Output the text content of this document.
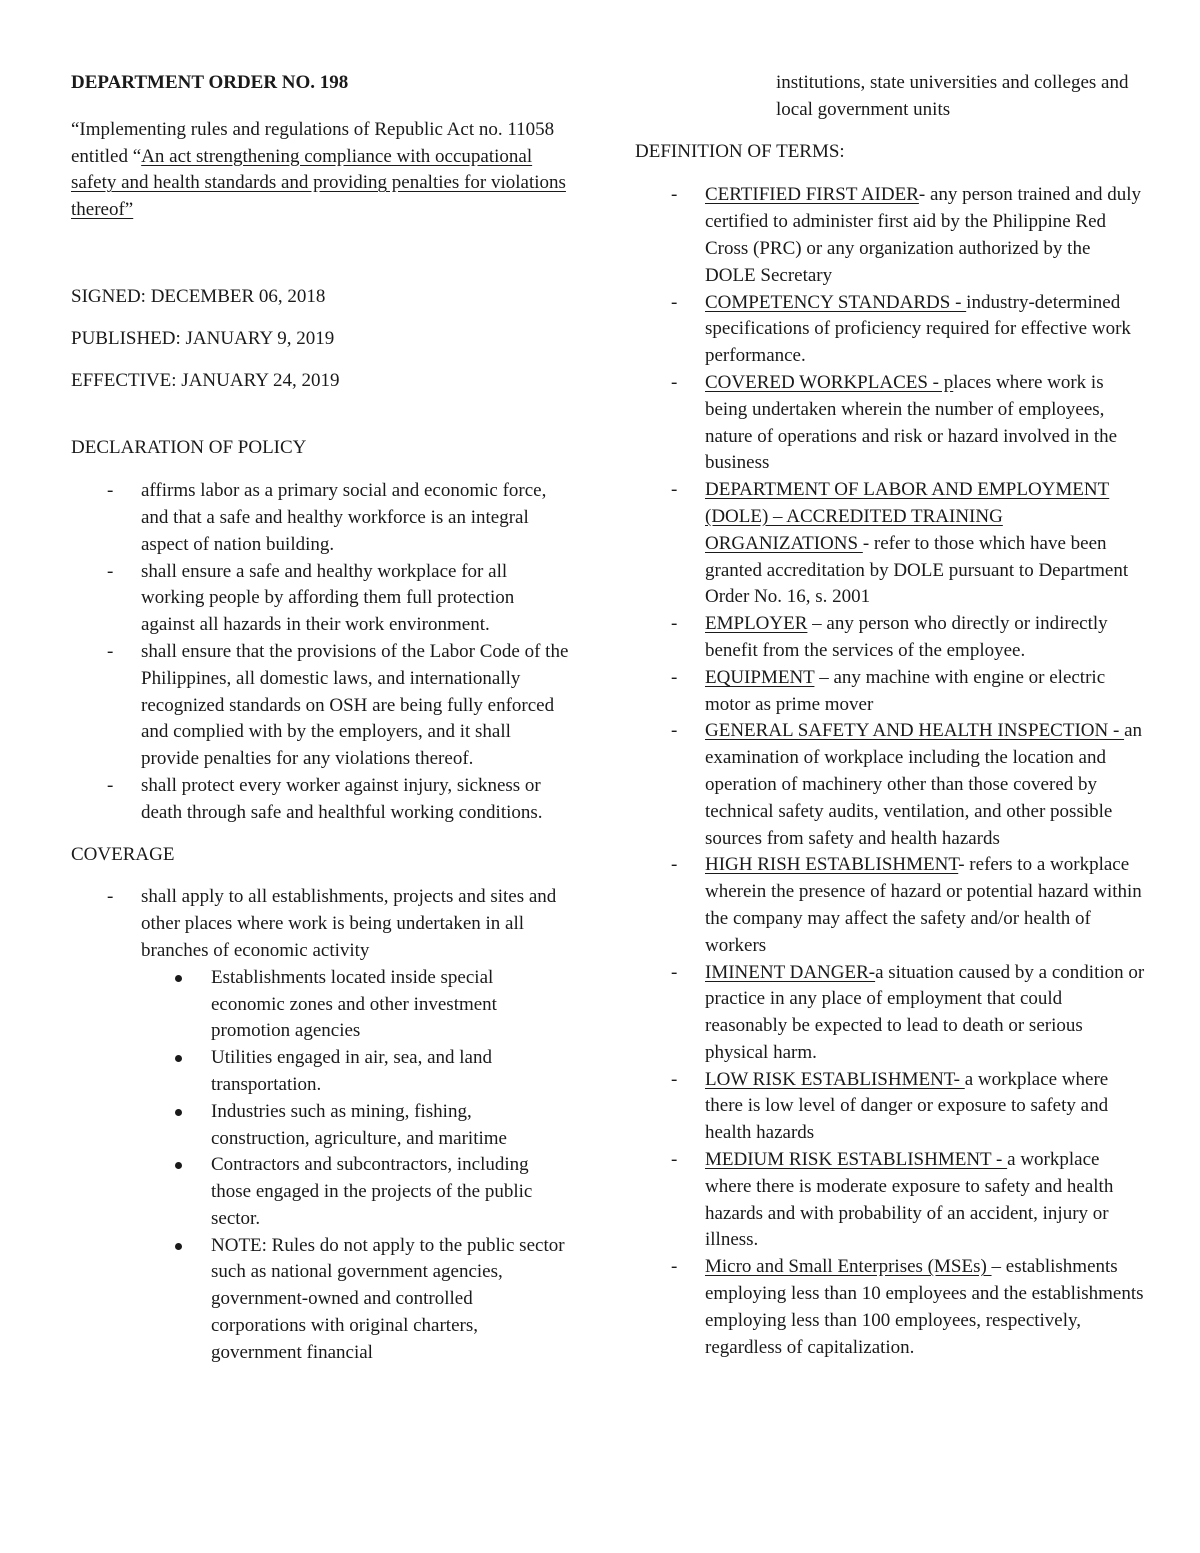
DEPARTMENT ORDER NO. 198

“Implementing rules and regulations of Republic Act no. 11058 entitled “An act strengthening compliance with occupational safety and health standards and providing penalties for violations thereof”

SIGNED: DECEMBER 06, 2018

PUBLISHED: JANUARY 9, 2019

EFFECTIVE: JANUARY 24, 2019

DECLARATION OF POLICY

- affirms labor as a primary social and economic force, and that a safe and healthy workforce is an integral aspect of nation building.
- shall ensure a safe and healthy workplace for all working people by affording them full protection against all hazards in their work environment.
- shall ensure that the provisions of the Labor Code of the Philippines, all domestic laws, and internationally recognized standards on OSH are being fully enforced and complied with by the employers, and it shall provide penalties for any violations thereof.
- shall protect every worker against injury, sickness or death through safe and healthful working conditions.

COVERAGE

- shall apply to all establishments, projects and sites and other places where work is being undertaken in all branches of economic activity
Establishments located inside special economic zones and other investment promotion agencies
Utilities engaged in air, sea, and land transportation.
Industries such as mining, fishing, construction, agriculture, and maritime
Contractors and subcontractors, including those engaged in the projects of the public sector.
NOTE: Rules do not apply to the public sector such as national government agencies, government-owned and controlled corporations with original charters, government financial

institutions, state universities and colleges and local government units

DEFINITION OF TERMS:

- CERTIFIED FIRST AIDER- any person trained and duly certified to administer first aid by the Philippine Red Cross (PRC) or any organization authorized by the DOLE Secretary
- COMPETENCY STANDARDS - industry-determined specifications of proficiency required for effective work performance.
- COVERED WORKPLACES - places where work is being undertaken wherein the number of employees, nature of operations and risk or hazard involved in the business
- DEPARTMENT OF LABOR AND EMPLOYMENT (DOLE) – ACCREDITED TRAINING ORGANIZATIONS - refer to those which have been granted accreditation by DOLE pursuant to Department Order No. 16, s. 2001
- EMPLOYER – any person who directly or indirectly benefit from the services of the employee.
- EQUIPMENT – any machine with engine or electric motor as prime mover
- GENERAL SAFETY AND HEALTH INSPECTION - an examination of workplace including the location and operation of machinery other than those covered by technical safety audits, ventilation, and other possible sources from safety and health hazards
- HIGH RISH ESTABLISHMENT- refers to a workplace wherein the presence of hazard or potential hazard within the company may affect the safety and/or health of workers
- IMINENT DANGER-a situation caused by a condition or practice in any place of employment that could reasonably be expected to lead to death or serious physical harm.
- LOW RISK ESTABLISHMENT- a workplace where there is low level of danger or exposure to safety and health hazards
- MEDIUM RISK ESTABLISHMENT - a workplace where there is moderate exposure to safety and health hazards and with probability of an accident, injury or illness.
- Micro and Small Enterprises (MSEs) – establishments employing less than 10 employees and the establishments employing less than 100 employees, respectively, regardless of capitalization.
